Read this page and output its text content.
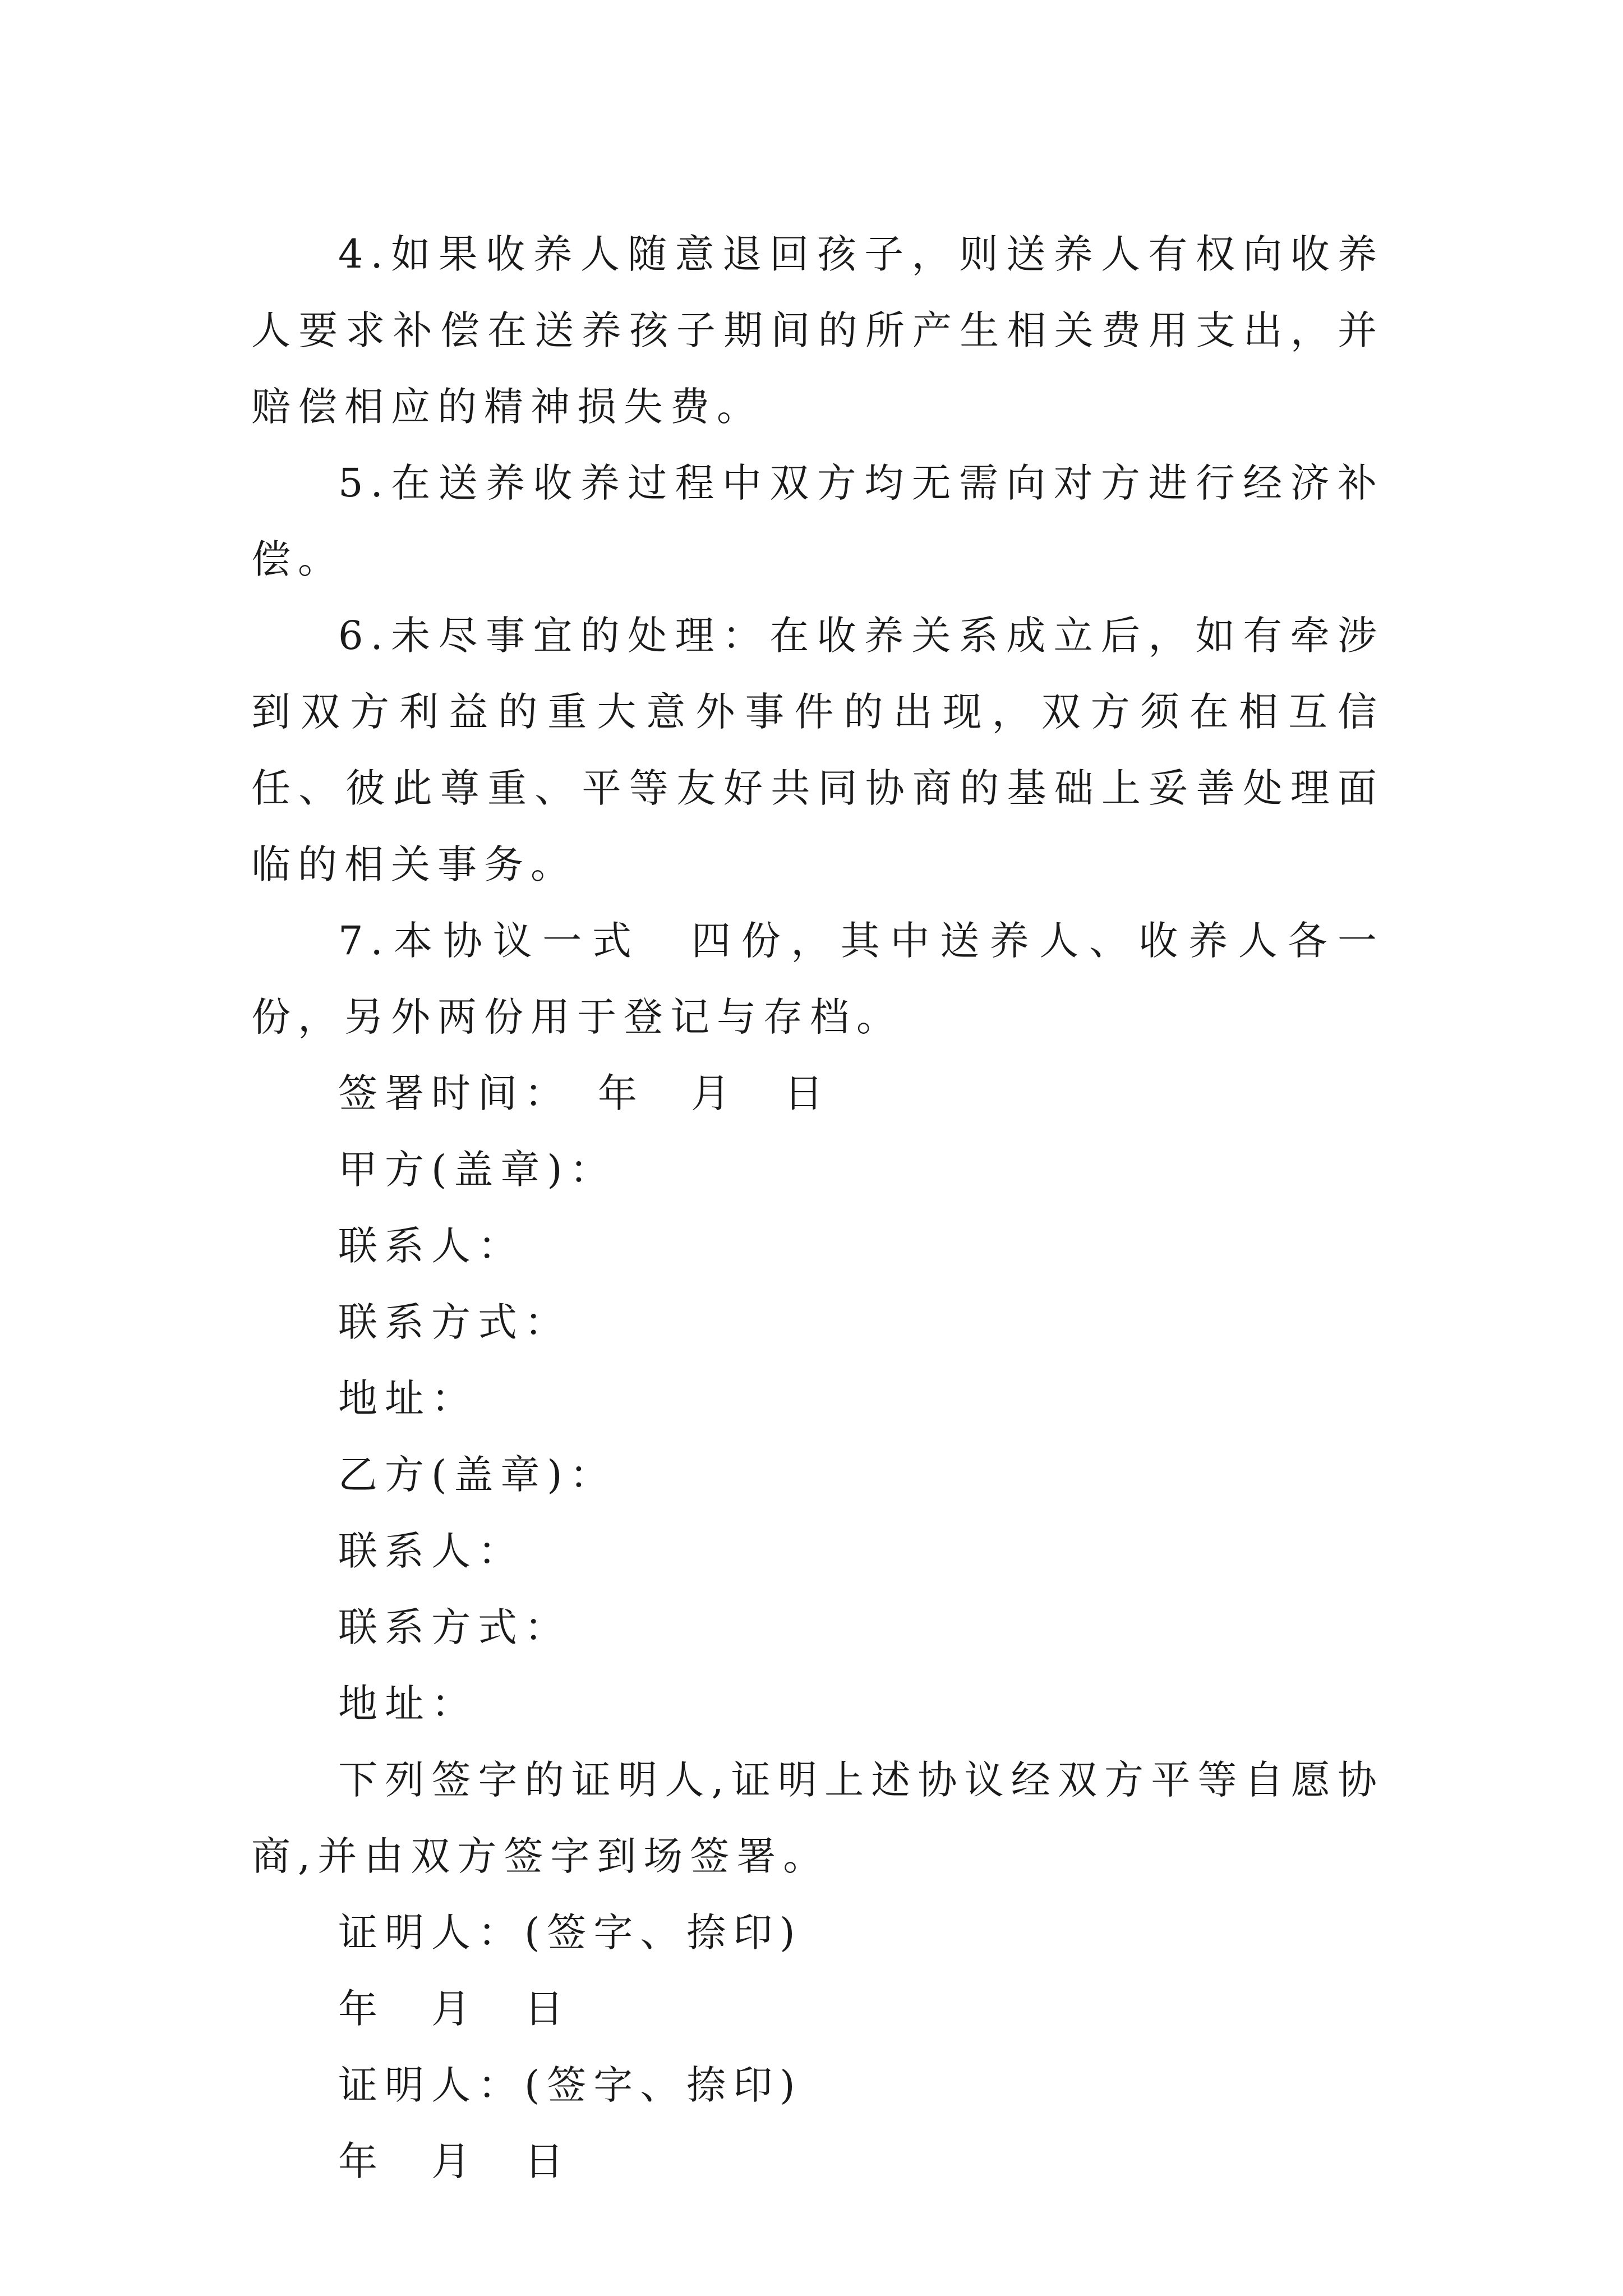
4.如果收养人随意退回孩子，则送养人有权向收养人要求补偿在送养孩子期间的所产生相关费用支出，并赔偿相应的精神损失费。

5.在送养收养过程中双方均无需向对方进行经济补偿。

6.未尽事宜的处理：在收养关系成立后，如有牵涉到双方利益的重大意外事件的出现，双方须在相互信任、彼此尊重、平等友好共同协商的基础上妥善处理面临的相关事务。

7.本协议一式　四份，其中送养人、收养人各一份，另外两份用于登记与存档。

签署时间：　年　月　日

甲方(盖章)：

联系人：

联系方式：

地址：

乙方(盖章)：

联系人：

联系方式：

地址：

下列签字的证明人,证明上述协议经双方平等自愿协商,并由双方签字到场签署。

证明人：(签字、捺印)

年　月　日

证明人：(签字、捺印)

年　月　日
